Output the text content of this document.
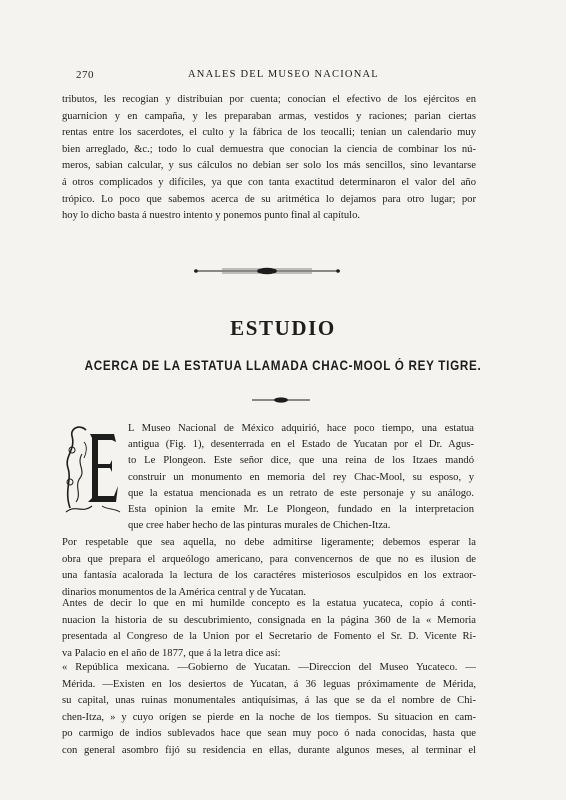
270	ANALES DEL MUSEO NACIONAL
tributos, les recogian y distribuian por cuenta; conocian el efectivo de los ejércitos en
guarnicion y en campaña, y les preparaban armas, vestidos y raciones; parian ciertas
rentas entre los sacerdotes, el culto y la fábrica de los teocalli; tenian un calendario muy
bien arreglado, &c.; todo lo cual demuestra que conocian la ciencia de combinar los nú-
meros, sabian calcular, y sus cálculos no debian ser solo los más sencillos, sino levantarse
á otros complicados y difíciles, ya que con tanta exactitud determinaron el valor del año
trópico. Lo poco que sabemos acerca de su aritmética lo dejamos para otro lugar; por
hoy lo dicho basta á nuestro intento y ponemos punto final al capítulo.
ESTUDIO
ACERCA DE LA ESTATUA LLAMADA CHAC-MOOL Ó REY TIGRE.
L Museo Nacional de México adquirió, hace poco tiempo, una estatua
antigua (Fig. 1), desenterrada en el Estado de Yucatan por el Dr. Agus-
to Le Plongeon. Este señor dice, que una reina de los Itzaes mandó
construir un monumento en memoria del rey Chac-Mool, su esposo, y
que la estatua mencionada es un retrato de este personaje y su análogo.
Esta opinion la emite Mr. Le Plongeon, fundado en la interpretacion
que cree haber hecho de las pinturas murales de Chichen-Itza.
Por respetable que sea aquella, no debe admitirse ligeramente; debemos esperar la
obra que prepara el arqueólogo americano, para convencernos de que no es ilusion de
una fantasía acalorada la lectura de los caractéres misteriosos esculpidos en los extraor-
dinarios monumentos de la América central y de Yucatan.
Antes de decir lo que en mi humilde concepto es la estatua yucateca, copio á conti-
nuacion la historia de su descubrimiento, consignada en la página 360 de la « Memoria
presentada al Congreso de la Union por el Secretario de Fomento el Sr. D. Vicente Ri-
va Palacio en el año de 1877, que á la letra dice así:
« República mexicana. —Gobierno de Yucatan. —Direccion del Museo Yucateco. —
Mérida. —Existen en los desiertos de Yucatan, á 36 leguas próximamente de Mérida,
su capital, unas ruinas monumentales antiquísimas, á las que se da el nombre de Chi-
chen-Itza, » y cuyo orígen se pierde en la noche de los tiempos. Su situacion en cam-
po carmigo de indios sublevados hace que sean muy poco ó nada conocidas, hasta que
con general asombro fijó su residencia en ellas, durante algunos meses, al terminar el
